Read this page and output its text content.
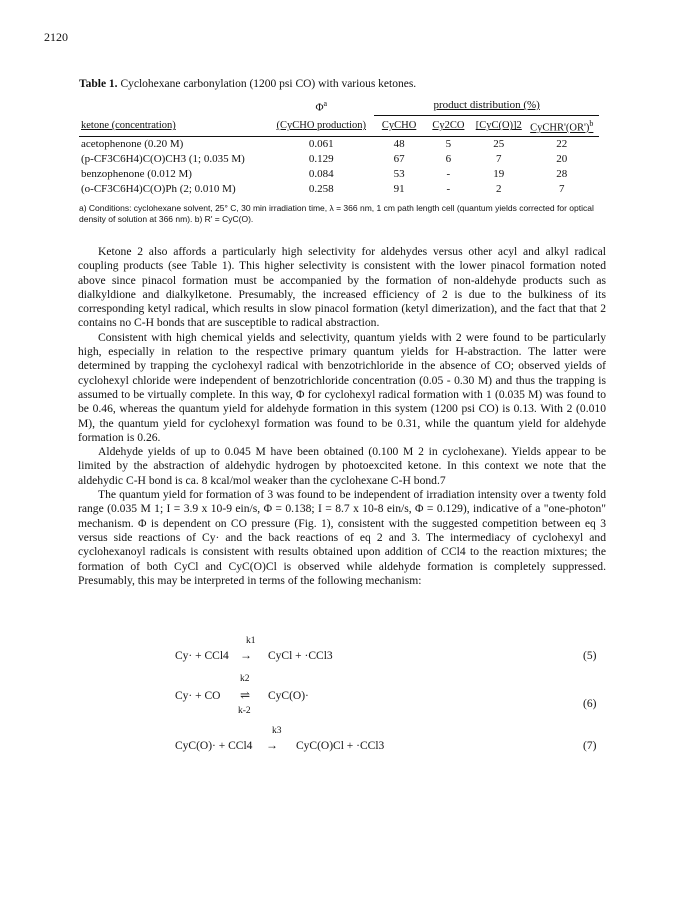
2120
Table 1. Cyclohexane carbonylation (1200 psi CO) with various ketones.
	$\Phi^a$	product distribution (%)			
ketone (concentration)	(CyCHO production)	CyCHO	Cy2CO	[CyC(O)]2	$CyCHR'(OR')^b$
acetophenone (0.20 M)	0.061	48	5	25	22
(p-CF3C6H4)C(O)CH3 (1; 0.035 M)	0.129	67	6	7	20
benzophenone (0.012 M)	0.084	53	-	19	28
(o-CF3C6H4)C(O)Ph (2; 0.010 M)	0.258	91	-	2	7
a) Conditions: cyclohexane solvent, 25° C, 30 min irradiation time, λ = 366 nm, 1 cm path length cell (quantum yields corrected for optical density of solution at 366 nm). b) R' = CyC(O).

Ketone 2 also affords a particularly high selectivity for aldehydes versus other acyl and alkyl radical coupling products (see Table 1). This higher selectivity is consistent with the lower pinacol formation noted above since pinacol formation must be accompanied by the formation of non-aldehyde products such as dialkyldione and dialkylketone. Presumably, the increased efficiency of 2 is due to the bulkiness of its corresponding ketyl radical, which results in slow pinacol formation (ketyl dimerization), and the fact that that 2 contains no C-H bonds that are susceptible to radical abstraction.

Consistent with high chemical yields and selectivity, quantum yields with 2 were found to be particularly high, especially in relation to the respective primary quantum yields for H-abstraction. The latter were determined by trapping the cyclohexyl radical with benzotrichloride in the absence of CO; observed yields of cyclohexyl chloride were independent of benzotrichloride concentration (0.05 - 0.30 M) and thus the trapping is assumed to be virtually complete. In this way, Φ for cyclohexyl radical formation with 1 (0.035 M) was found to be 0.46, whereas the quantum yield for aldehyde formation in this system (1200 psi CO) is 0.13. With 2 (0.010 M), the quantum yield for cyclohexyl formation was found to be 0.31, while the quantum yield for aldehyde formation is 0.26.

Aldehyde yields of up to 0.045 M have been obtained (0.100 M 2 in cyclohexane). Yields appear to be limited by the abstraction of aldehydic hydrogen by photoexcited ketone. In this context we note that the aldehydic C-H bond is ca. 8 kcal/mol weaker than the cyclohexane C-H bond.7

The quantum yield for formation of 3 was found to be independent of irradiation intensity over a twenty fold range (0.035 M 1; I = 3.9 x 10-9 ein/s, Φ = 0.138; I = 8.7 x 10-8 ein/s, Φ = 0.129), indicative of a "one-photon" mechanism. Φ is dependent on CO pressure (Fig. 1), consistent with the suggested competition between eq 3 versus side reactions of Cy· and the back reactions of eq 2 and 3. The intermediacy of cyclohexyl and cyclohexanoyl radicals is consistent with results obtained upon addition of CCl4 to the reaction mixtures; the formation of both CyCl and CyC(O)Cl is observed while aldehyde formation is completely suppressed. Presumably, this may be interpreted in terms of the following mechanism:

Cy· + CCl4
k1
→ CyCl + ·CCl3	(5)
Cy· + CO
k2
⇌
k-2
CyC(O)·
(6)
CyC(O)· + CCl4
k3
→ CyC(O)Cl + ·CCl3	(7)
